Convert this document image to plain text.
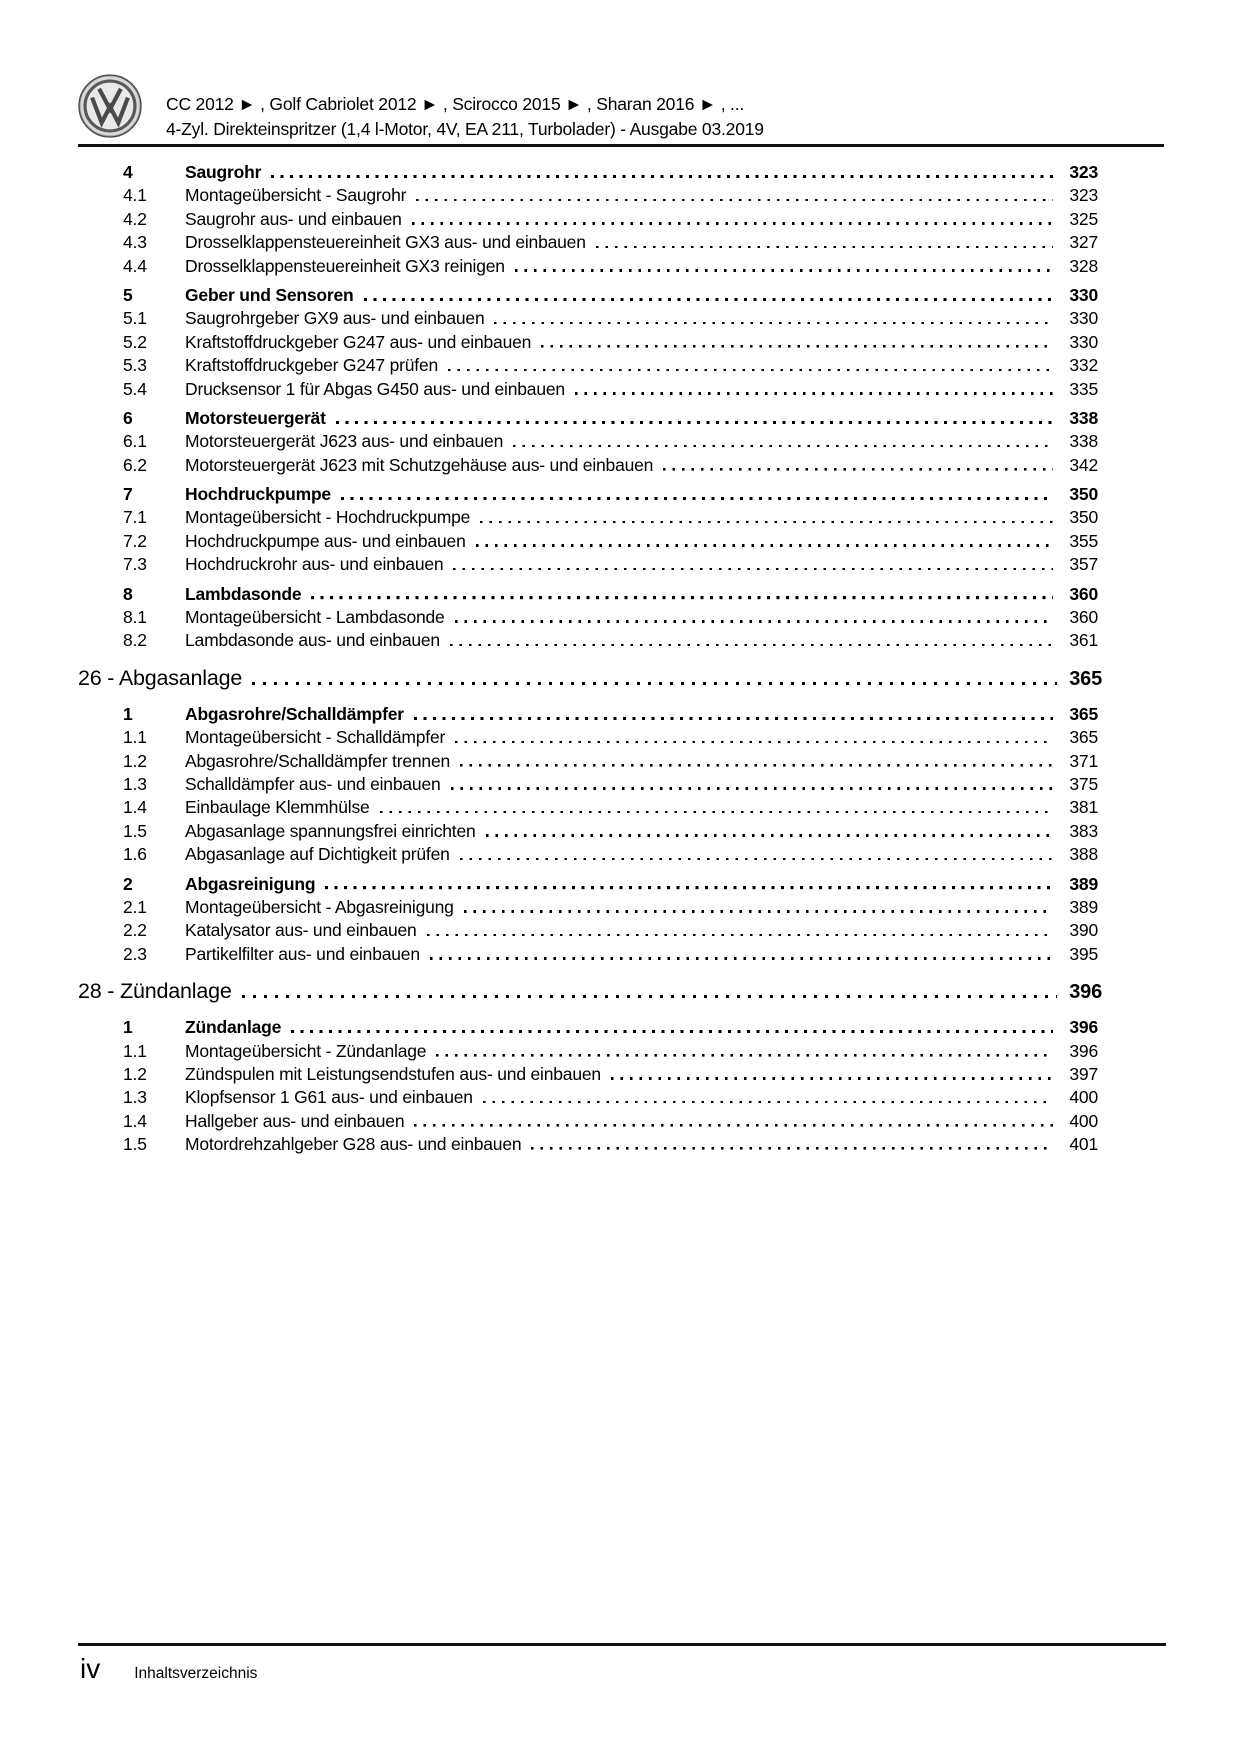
CC 2012 ► , Golf Cabriolet 2012 ► , Scirocco 2015 ► , Sharan 2016 ► , ...
4-Zyl. Direkteinspritzer (1,4 l-Motor, 4V, EA 211, Turbolader) - Ausgabe 03.2019
4	Saugrohr	323
4.1	Montageübersicht - Saugrohr	323
4.2	Saugrohr aus- und einbauen	325
4.3	Drosselklappensteuereinheit GX3 aus- und einbauen	327
4.4	Drosselklappensteuereinheit GX3 reinigen	328
5	Geber und Sensoren	330
5.1	Saugrohrgeber GX9 aus- und einbauen	330
5.2	Kraftstoffdruckgeber G247 aus- und einbauen	330
5.3	Kraftstoffdruckgeber G247 prüfen	332
5.4	Drucksensor 1 für Abgas G450 aus- und einbauen	335
6	Motorsteuergerät	338
6.1	Motorsteuergerät J623 aus- und einbauen	338
6.2	Motorsteuergerät J623 mit Schutzgehäuse aus- und einbauen	342
7	Hochdruckpumpe	350
7.1	Montageübersicht - Hochdruckpumpe	350
7.2	Hochdruckpumpe aus- und einbauen	355
7.3	Hochdruckrohr aus- und einbauen	357
8	Lambdasonde	360
8.1	Montageübersicht - Lambdasonde	360
8.2	Lambdasonde aus- und einbauen	361
26 - Abgasanlage	365
1	Abgasrohre/Schalldämpfer	365
1.1	Montageübersicht - Schalldämpfer	365
1.2	Abgasrohre/Schalldämpfer trennen	371
1.3	Schalldämpfer aus- und einbauen	375
1.4	Einbaulage Klemmhülse	381
1.5	Abgasanlage spannungsfrei einrichten	383
1.6	Abgasanlage auf Dichtigkeit prüfen	388
2	Abgasreinigung	389
2.1	Montageübersicht - Abgasreinigung	389
2.2	Katalysator aus- und einbauen	390
2.3	Partikelfilter aus- und einbauen	395
28 - Zündanlage	396
1	Zündanlage	396
1.1	Montageübersicht - Zündanlage	396
1.2	Zündspulen mit Leistungsendstufen aus- und einbauen	397
1.3	Klopfsensor 1 G61 aus- und einbauen	400
1.4	Hallgeber aus- und einbauen	400
1.5	Motordrehzahlgeber G28 aus- und einbauen	401
iv Inhaltsverzeichnis
